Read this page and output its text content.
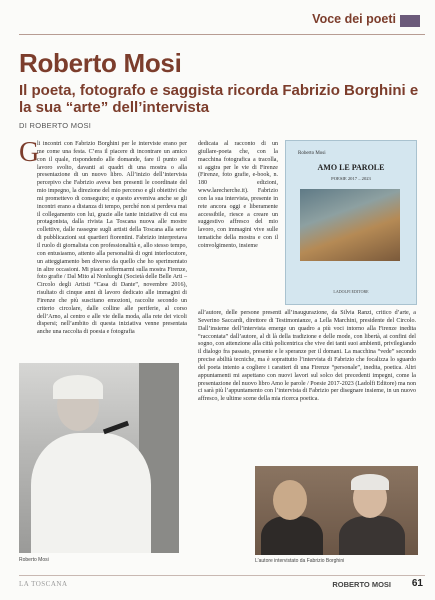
Voce dei poeti
Roberto Mosi
Il poeta, fotografo e saggista ricorda Fabrizio Borghini e la sua “arte” dell’intervista
DI ROBERTO MOSI
G

li incontri con Fabrizio Borghini per le interviste erano per me come una festa. C’era il piacere di incontrare un amico con il quale, rispondendo alle domande, fare il punto sul lavoro svolto, davanti ai quadri di una mostra o alla presentazione di un nuovo libro. All’inizio dell’intervista percepivo che Fabrizio aveva ben presenti le coordinate del mio impegno, la direzione del mio percorso e gli obiettivi che mi promettevo di conseguire; e questo avveniva anche se gli incontri erano a distanza di tempo, perché non si perdeva mai il collegamento con lui, grazie alle tante iniziative di cui era protagonista, dalla rivista La Toscana nuova alle mostre collettive, dalle rassegne sugli artisti della Toscana alla serie di pubblicazioni sui quartieri fiorentini. Fabrizio interpretava il ruolo di giornalista con professionalità e, allo stesso tempo, con entusiasmo, attento alla personalità di ogni interlocutore, un atteggiamento ben diverso da quello che ho sperimentato in altre occasioni. Mi piace soffermarmi sulla mostra Firenze, foto grafie / Dal Mito al Nonluoghi (Società delle Belle Arti – Circolo degli Artisti “Casa di Dante”, novembre 2016), risultato di cinque anni di lavoro dedicato alle immagini di Firenze che più suscitano emozioni, raccolte secondo un criterio circolare, dalle colline alle periferie, al corso dell’Arno, al centro e alle vie della moda, alla rete dei vicoli dispersi; nell’ambito di questa iniziativa venne presentata anche una raccolta di poesia e fotografia

dedicata al racconto di un giullare-poeta che, con la macchina fotografica a tracolla, si aggira per le vie di Firenze (Firenze, foto grafie, e-book, n. 180 edizioni, www.larecherche.it). Fabrizio con la sua intervista, presente in rete ancora oggi e liberamente accessibile, riesce a creare un suggestivo affresco del mio lavoro, con immagini vive sulle tematiche della mostra e con il coinvolgimento, insieme

Roberto Mosi
AMO LE PAROLE
POESIE 2017 – 2023
LADOLFI EDITORE

all’autore, delle persone presenti all’inaugurazione, da Silvia Ranzi, critico d’arte, a Severino Saccardi, direttore di Testimonianze, a Lella Marchini, presidente del Circolo. Dall’insieme dell’intervista emerge un quadro a più voci intorno alla Firenze inedita “raccontata” dall’autore, al di là della tradizione e delle mode, con libertà, ai confini del sogno, con attenzione alla città policentrica che vive dei tanti suoi ambienti, privilegiando il dialogo fra passato, presente e le speranze per il domani. La macchina “vede” secondo precise abilità tecniche, ma è soprattutto l’intervista di Fabrizio che focalizza lo sguardo del poeta intento a cogliere i caratteri di una Firenze “personale”, inedita, poetica. Altri appuntamenti mi aspettano con nuovi lavori sul solco dei precedenti impegni, come la presentazione del nuovo libro Amo le parole / Poesie 2017-2023 (Ladolfi Editore) ma non ci sarà più l’appuntamento con l’intervista di Fabrizio per disegnare insieme, in un nuovo affresco, le ultime scene della mia ricerca poetica.

Roberto Mosi	L’autore intervistato da Fabrizio Borghini
LA TOSCANA	ROBERTO MOSI 61
